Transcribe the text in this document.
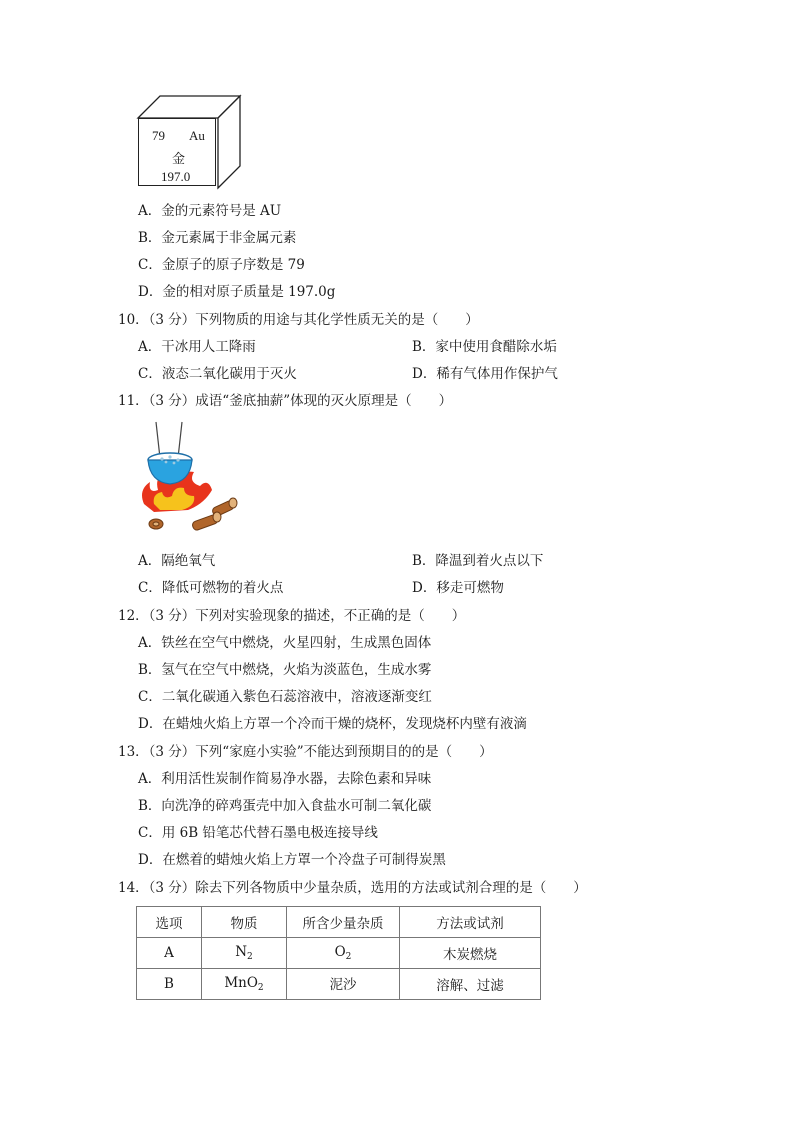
79 Au
金
197.0
A．金的元素符号是 AU
B．金元素属于非金属元素
C．金原子的原子序数是 79
D．金的相对原子质量是 197.0g
10．（3 分）下列物质的用途与其化学性质无关的是（　　）
A．干冰用人工降雨	B．家中使用食醋除水垢
C．液态二氧化碳用于灭火	D．稀有气体用作保护气
11．（3 分）成语“釜底抽薪”体现的灭火原理是（　　）
A．隔绝氧气	B．降温到着火点以下
C．降低可燃物的着火点	D．移走可燃物
12．（3 分）下列对实验现象的描述，不正确的是（　　）
A．铁丝在空气中燃烧，火星四射，生成黑色固体
B．氢气在空气中燃烧，火焰为淡蓝色，生成水雾
C．二氧化碳通入紫色石蕊溶液中，溶液逐渐变红
D．在蜡烛火焰上方罩一个冷而干燥的烧杯，发现烧杯内壁有液滴
13．（3 分）下列“家庭小实验”不能达到预期目的的是（　　）
A．利用活性炭制作简易净水器，去除色素和异味
B．向洗净的碎鸡蛋壳中加入食盐水可制二氧化碳
C．用 6B 铅笔芯代替石墨电极连接导线
D．在燃着的蜡烛火焰上方罩一个冷盘子可制得炭黑
14．（3 分）除去下列各物质中少量杂质，选用的方法或试剂合理的是（　　）
选项	物质	所含少量杂质	方法或试剂
A	$N_2$	$O_2$	木炭燃烧
B	MnO$_2$	泥沙	溶解、过滤
